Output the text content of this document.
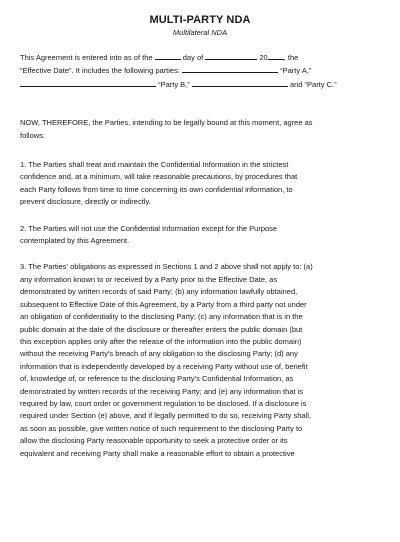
MULTI-PARTY NDA
Multilateral NDA
This Agreement is entered into as of the	day of	20 , the
“Effective Date”. It includes the following parties:	“Party A,”
“Party B,”	and “Party C.”
NOW, THEREFORE, the Parties, intending to be legally bound at this moment, agree as
follows:
1. The Parties shall treat and maintain the Confidential Information in the strictest
confidence and, at a minimum, will take reasonable precautions, by procedures that
each Party follows from time to time concerning its own confidential information, to
prevent disclosure, directly or indirectly.
2. The Parties will not use the Confidential Information except for the Purpose
contemplated by this Agreement.
3. The Parties' obligations as expressed in Sections 1 and 2 above shall not apply to: (a)
any information known to or received by a Party prior to the Effective Date, as
demonstrated by written records of said Party; (b) any information lawfully obtained,
subsequent to Effective Date of this Agreement, by a Party from a third party not under
an obligation of confidentiality to the disclosing Party; (c) any information that is in the
public domain at the date of the disclosure or thereafter enters the public domain (but
this exception applies only after the release of the information into the public domain)
without the receiving Party's breach of any obligation to the disclosing Party; (d) any
information that is independently developed by a receiving Party without use of, benefit
of, knowledge of, or reference to the disclosing Party's Confidential Information, as
demonstrated by written records of the receiving Party; and (e) any information that is
required by law, court order or government regulation to be disclosed. If a disclosure is
required under Section (e) above, and if legally permitted to do so, receiving Party shall,
as soon as possible, give written notice of such requirement to the disclosing Party to
allow the disclosing Party reasonable opportunity to seek a protective order or its
equivalent and receiving Party shall make a reasonable effort to obtain a protective
